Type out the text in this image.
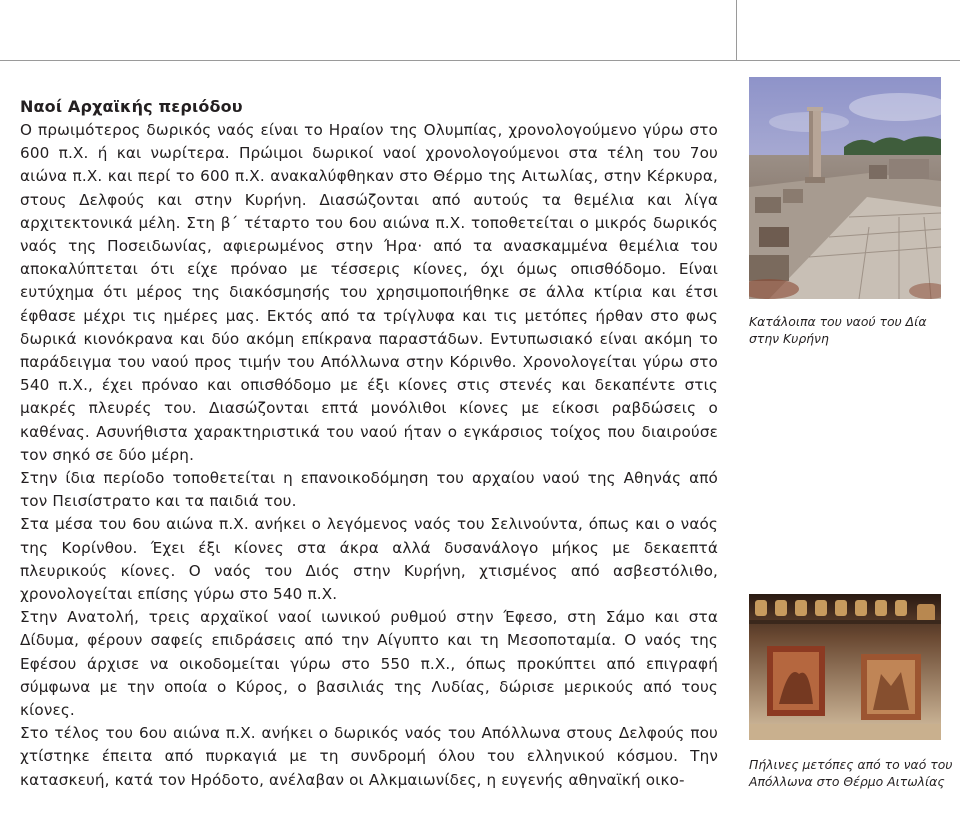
Ναοί Αρχαϊκής περιόδου

Ο πρωιμότερος δωρικός ναός είναι το Ηραίον της Ολυμπίας, χρονολογούμενο γύρω στο 600 π.Χ. ή και νωρίτερα. Πρώιμοι δωρικοί ναοί χρονολογούμενοι στα τέλη του 7ου αιώνα π.Χ. και περί το 600 π.Χ. ανακαλύφθηκαν στο Θέρμο της Αιτωλίας, στην Κέρκυρα, στους Δελφούς και στην Κυρήνη. Διασώζονται από αυτούς τα θεμέλια και λίγα αρχιτεκτονικά μέλη. Στη β΄ τέταρτο του 6ου αιώνα π.Χ. τοποθετείται ο μικρός δωρικός ναός της Ποσειδωνίας, αφιερωμένος στην Ήρα· από τα ανασκαμμένα θεμέλια του αποκαλύπτεται ότι είχε πρόναο με τέσσερις κίονες, όχι όμως οπισθόδομο. Είναι ευτύχημα ότι μέρος της διακόσμησής του χρησιμοποιήθηκε σε άλλα κτίρια και έτσι έφθασε μέχρι τις ημέρες μας. Εκτός από τα τρίγλυφα και τις μετόπες ήρθαν στο φως δωρικά κιονόκρανα και δύο ακόμη επίκρανα παραστάδων. Εντυπωσιακό είναι ακόμη το παράδειγμα του ναού προς τιμήν του Απόλλωνα στην Κόρινθο. Χρονολογείται γύρω στο 540 π.Χ., έχει πρόναο και οπισθόδομο με έξι κίονες στις στενές και δεκαπέντε στις μακρές πλευρές του. Διασώζονται επτά μονόλιθοι κίονες με είκοσι ραβδώσεις ο καθένας. Ασυνήθιστα χαρακτηριστικά του ναού ήταν ο εγκάρσιος τοίχος που διαιρούσε τον σηκό σε δύο μέρη.

Στην ίδια περίοδο τοποθετείται η επανοικοδόμηση του αρχαίου ναού της Αθηνάς από τον Πεισίστρατο και τα παιδιά του.

Στα μέσα του 6ου αιώνα π.Χ. ανήκει ο λεγόμενος ναός του Σελινούντα, όπως και ο ναός της Κορίνθου. Έχει έξι κίονες στα άκρα αλλά δυσανάλογο μήκος με δεκαεπτά πλευρικούς κίονες. Ο ναός του Διός στην Κυρήνη, χτισμένος από ασβεστόλιθο, χρονολογείται επίσης γύρω στο 540 π.Χ.

Στην Ανατολή, τρεις αρχαϊκοί ναοί ιωνικού ρυθμού στην Έφεσο, στη Σάμο και στα Δίδυμα, φέρουν σαφείς επιδράσεις από την Αίγυπτο και τη Μεσοποταμία. Ο ναός της Εφέσου άρχισε να οικοδομείται γύρω στο 550 π.Χ., όπως προκύπτει από επιγραφή σύμφωνα με την οποία ο Κύρος, ο βασιλιάς της Λυδίας, δώρισε μερικούς από τους κίονες.

Στο τέλος του 6ου αιώνα π.Χ. ανήκει ο δωρικός ναός του Απόλλωνα στους Δελφούς που χτίστηκε έπειτα από πυρκαγιά με τη συνδρομή όλου του ελληνικού κόσμου. Την κατασκευή, κατά τον Ηρόδοτο, ανέλαβαν οι Αλκμαιωνίδες, η ευγενής αθηναϊκή οικο-

Κατάλοιπα του ναού του Δία στην Κυρήνη
Πήλινες μετόπες από το ναό του Απόλλωνα στο Θέρμο Αιτωλίας
